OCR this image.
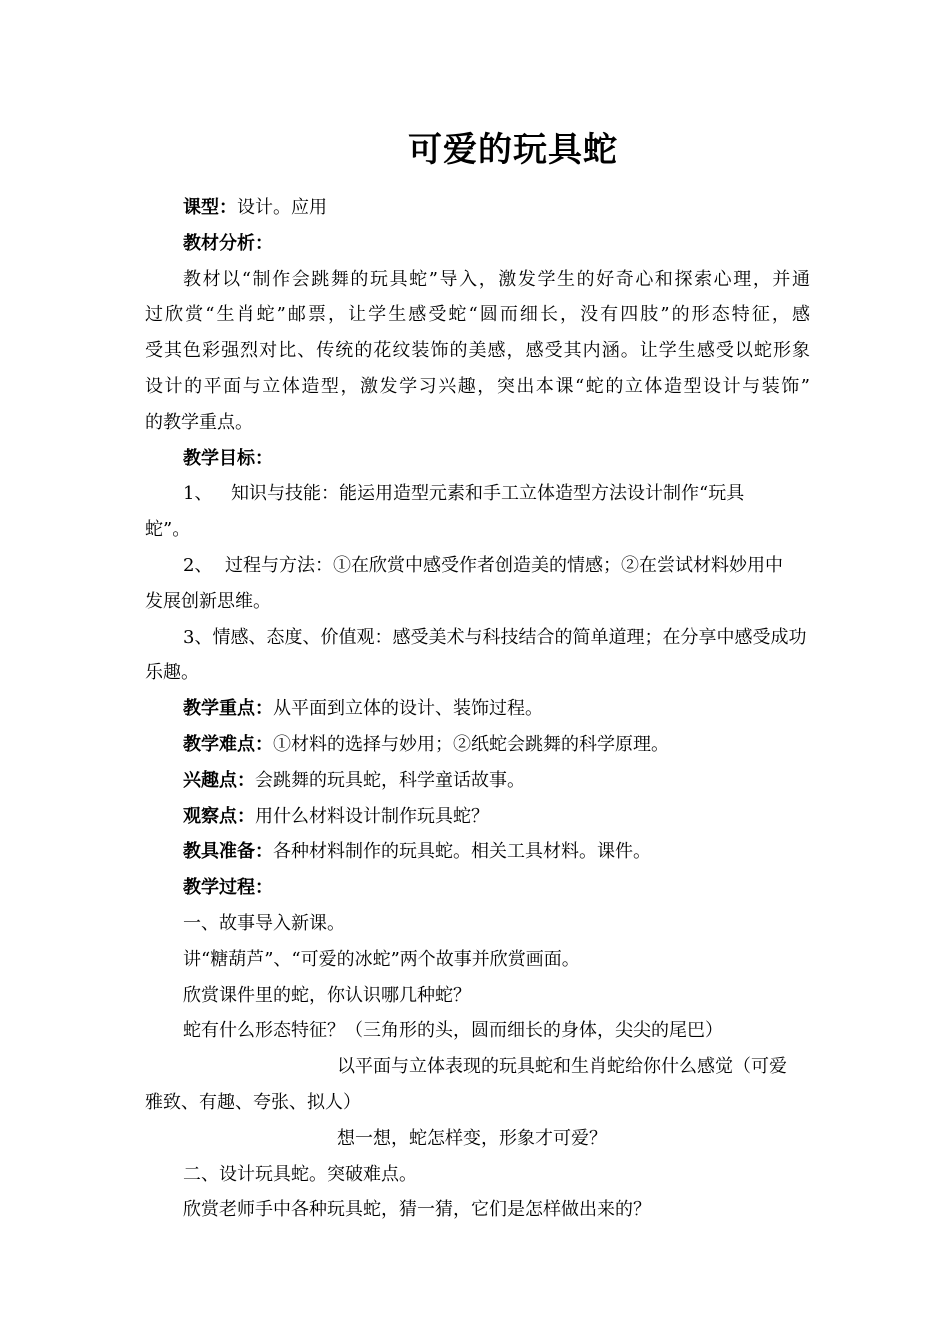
可爱的玩具蛇
课型：设计。应用
教材分析：
教材以“制作会跳舞的玩具蛇”导入，激发学生的好奇心和探索心理，并通
过欣赏“生肖蛇”邮票，让学生感受蛇“圆而细长，没有四肢”的形态特征，感
受其色彩强烈对比、传统的花纹装饰的美感，感受其内涵。让学生感受以蛇形象
设计的平面与立体造型，激发学习兴趣，突出本课“蛇的立体造型设计与装饰”
的教学重点。
教学目标：
1、 知识与技能：能运用造型元素和手工立体造型方法设计制作“玩具
蛇”。
2、 过程与方法：①在欣赏中感受作者创造美的情感；②在尝试材料妙用中
发展创新思维。
3、情感、态度、价值观：感受美术与科技结合的简单道理；在分享中感受成功
乐趣。
教学重点：从平面到立体的设计、装饰过程。
教学难点：①材料的选择与妙用；②纸蛇会跳舞的科学原理。
兴趣点：会跳舞的玩具蛇，科学童话故事。
观察点：用什么材料设计制作玩具蛇？
教具准备：各种材料制作的玩具蛇。相关工具材料。课件。
教学过程：
一、故事导入新课。
讲“糖葫芦”、“可爱的冰蛇”两个故事并欣赏画面。
欣赏课件里的蛇，你认识哪几种蛇？
蛇有什么形态特征？（三角形的头，圆而细长的身体，尖尖的尾巴）
以平面与立体表现的玩具蛇和生肖蛇给你什么感觉（可爱
雅致、有趣、夸张、拟人）
想一想，蛇怎样变，形象才可爱？
二、设计玩具蛇。突破难点。
欣赏老师手中各种玩具蛇，猜一猜，它们是怎样做出来的？
